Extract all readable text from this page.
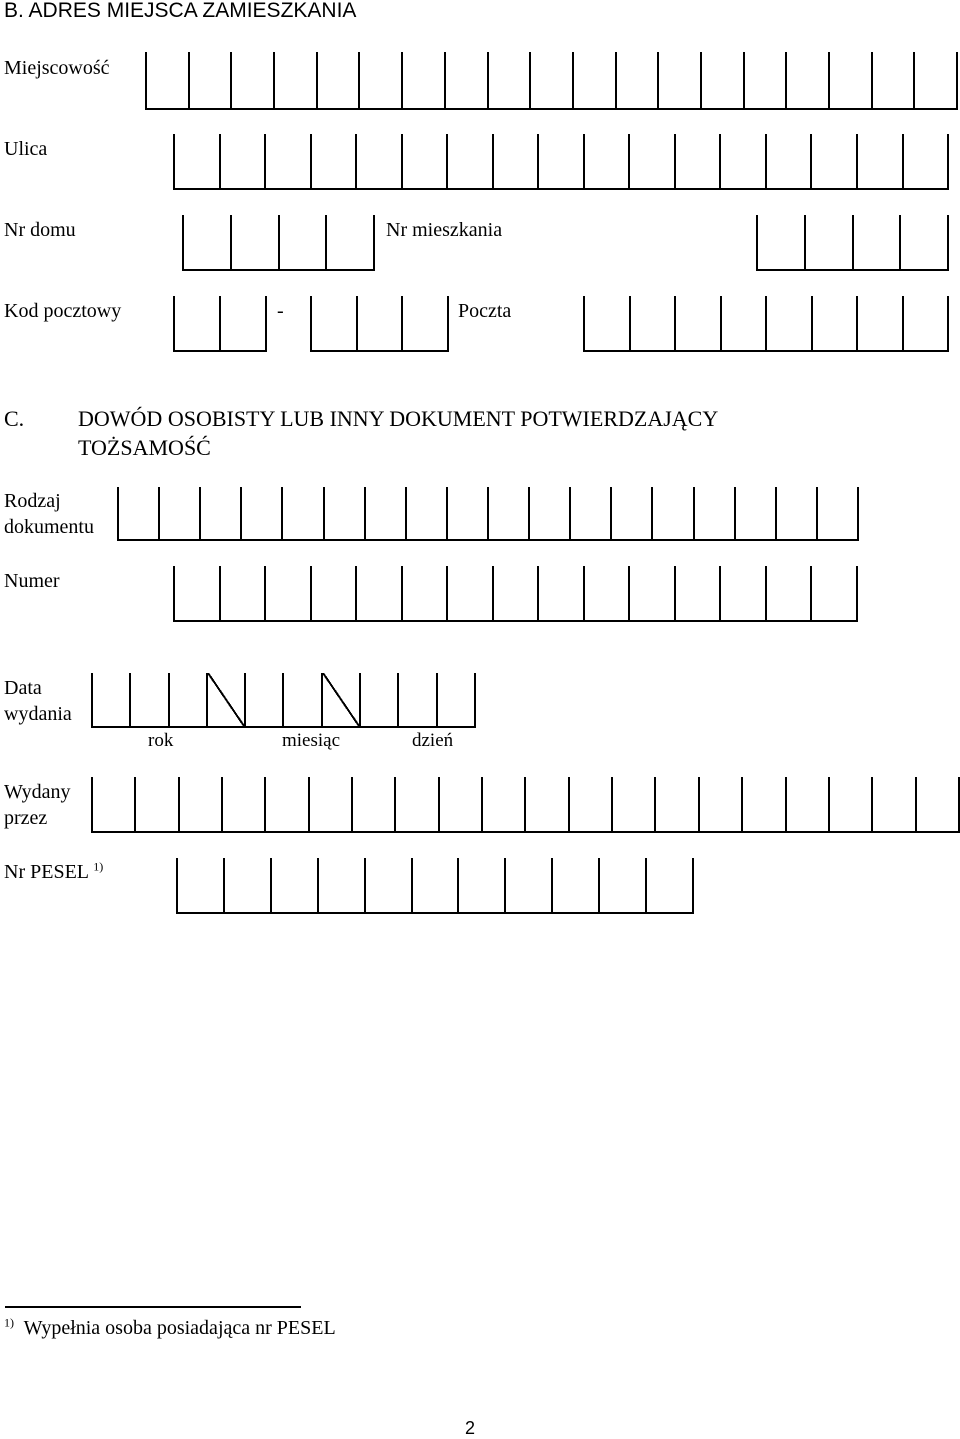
B. ADRES MIEJSCA ZAMIESZKANIA
Miejscowość
Ulica
Nr domu	Nr mieszkania
Kod pocztowy	-	Poczta
C. DOWÓD OSOBISTY LUB INNY DOKUMENT POTWIERDZAJĄCY
TOŻSAMOŚĆ
Rodzaj
dokumentu
Numer
Data
wydania
rok	miesiąc	dzień
Wydany
przez
Nr PESEL $^{1)}$
$^{1)}$ Wypełnia osoba posiadająca nr PESEL
2
